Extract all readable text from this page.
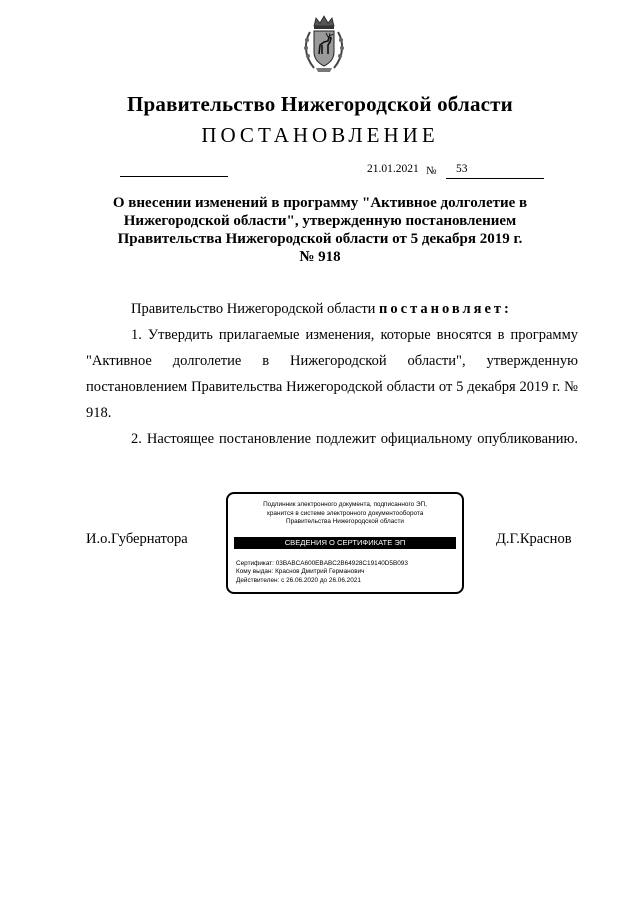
Правительство Нижегородской области
ПОСТАНОВЛЕНИЕ
21.01.2021 №	53
О внесении изменений в программу "Активное долголетие в Нижегородской области", утвержденную постановлением Правительства Нижегородской области от 5 декабря 2019 г. № 918

Правительство Нижегородской области постановляет:

1. Утвердить прилагаемые изменения, которые вносятся в программу "Активное долголетие в Нижегородской области", утвержденную постановлением Правительства Нижегородской области от 5 декабря 2019 г. № 918.

2. Настоящее постановление подлежит официальному опубликованию.

И.о.Губернатора	Д.Г.Краснов
Подлинник электронного документа, подписанного ЭП,
хранится в системе электронного документооборота
Правительства Нижегородской области
СВЕДЕНИЯ О СЕРТИФИКАТЕ ЭП
Сертификат: 03BABCA600EBABC2B64928C19140D5B093
Кому выдан: Краснов Дмитрий Германович
Действителен: с 26.06.2020 до 26.06.2021
